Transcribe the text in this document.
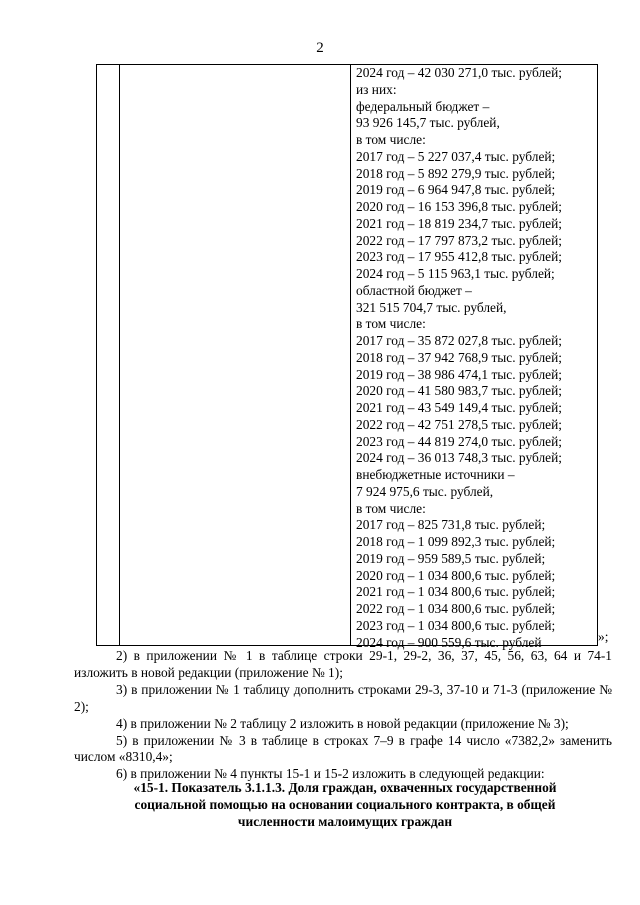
2
2024 год – 42 030 271,0 тыс. рублей;
из них:
федеральный бюджет –
93 926 145,7 тыс. рублей,
в том числе:
2017 год – 5 227 037,4 тыс. рублей;
2018 год – 5 892 279,9 тыс. рублей;
2019 год – 6 964 947,8 тыс. рублей;
2020 год – 16 153 396,8 тыс. рублей;
2021 год – 18 819 234,7 тыс. рублей;
2022 год – 17 797 873,2 тыс. рублей;
2023 год – 17 955 412,8 тыс. рублей;
2024 год – 5 115 963,1 тыс. рублей;
областной бюджет –
321 515 704,7 тыс. рублей,
в том числе:
2017 год – 35 872 027,8 тыс. рублей;
2018 год – 37 942 768,9 тыс. рублей;
2019 год – 38 986 474,1 тыс. рублей;
2020 год – 41 580 983,7 тыс. рублей;
2021 год – 43 549 149,4 тыс. рублей;
2022 год – 42 751 278,5 тыс. рублей;
2023 год – 44 819 274,0 тыс. рублей;
2024 год – 36 013 748,3 тыс. рублей;
внебюджетные источники –
7 924 975,6 тыс. рублей,
в том числе:
2017 год – 825 731,8 тыс. рублей;
2018 год – 1 099 892,3 тыс. рублей;
2019 год – 959 589,5 тыс. рублей;
2020 год – 1 034 800,6 тыс. рублей;
2021 год – 1 034 800,6 тыс. рублей;
2022 год – 1 034 800,6 тыс. рублей;
2023 год – 1 034 800,6 тыс. рублей;
2024 год – 900 559,6 тыс. рублей	»;

2) в приложении № 1 в таблице строки 29-1, 29-2, 36, 37, 45, 56, 63, 64 и 74-1 изложить в новой редакции (приложение № 1);

3) в приложении № 1 таблицу дополнить строками 29-3, 37-10 и 71-3 (приложение № 2);

4) в приложении № 2 таблицу 2 изложить в новой редакции (приложение № 3);

5) в приложении № 3 в таблице в строках 7–9 в графе 14 число «7382,2» заменить числом «8310,4»;

6) в приложении № 4 пункты 15-1 и 15-2 изложить в следующей редакции:

«15-1. Показатель 3.1.1.3. Доля граждан, охваченных государственной
социальной помощью на основании социального контракта, в общей
численности малоимущих граждан
